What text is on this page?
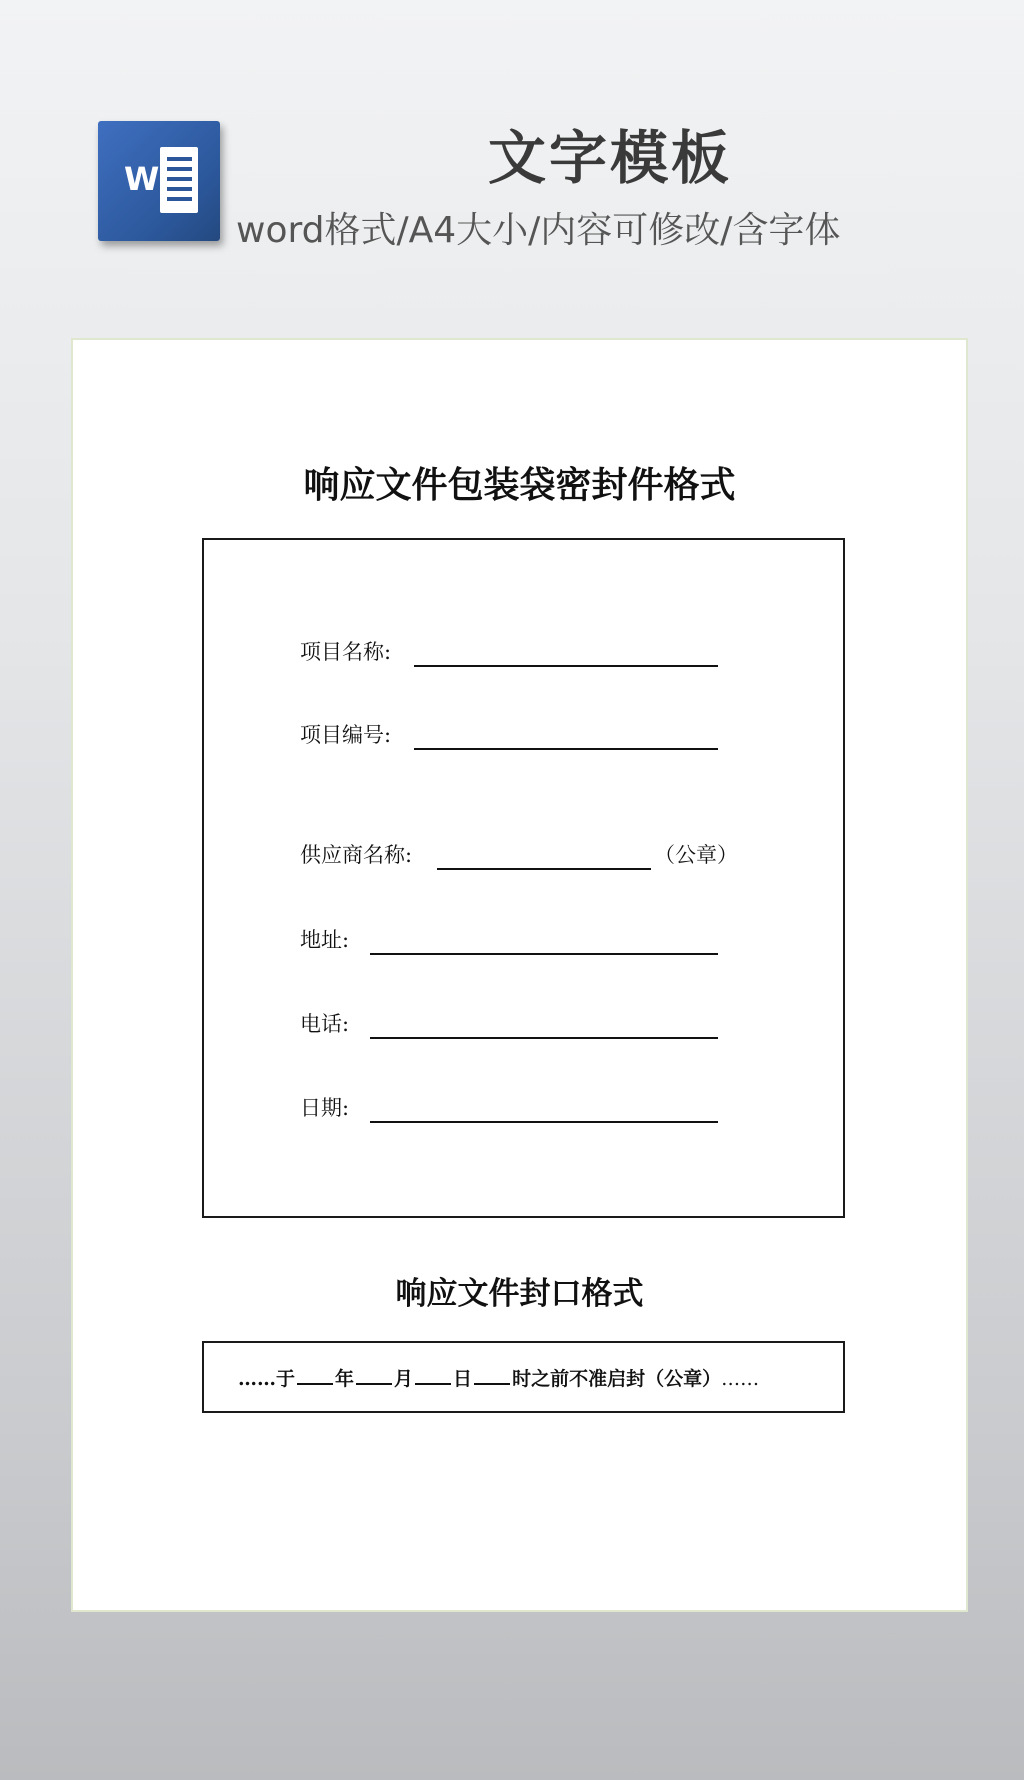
W	文字模板
word格式/A4大小/内容可修改/含字体
响应文件包装袋密封件格式
项目名称:
项目编号:
供应商名称:	（公章）
地址:
电话:
日期:
响应文件封口格式
……于 年 月 日 时之前不准启封（公章）……
